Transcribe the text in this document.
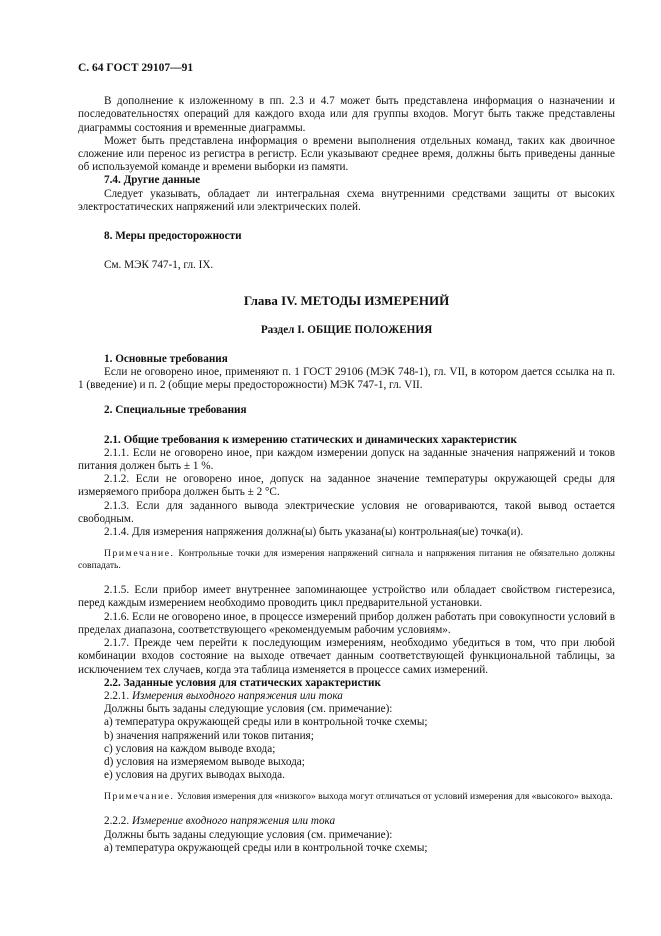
С. 64 ГОСТ 29107—91

В дополнение к изложенному в пп. 2.3 и 4.7 может быть представлена информация о назначении и последовательностях операций для каждого входа или для группы входов. Могут быть также представлены диаграммы состояния и временные диаграммы.

Может быть представлена информация о времени выполнения отдельных команд, таких как двоичное сложение или перенос из регистра в регистр. Если указывают среднее время, должны быть приведены данные об используемой команде и времени выборки из памяти.

7.4. Другие данные

Следует указывать, обладает ли интегральная схема внутренними средствами защиты от высоких электростатических напряжений или электрических полей.

8. Меры предосторожности

См. МЭК 747-1, гл. IX.

Глава IV. МЕТОДЫ ИЗМЕРЕНИЙ

Раздел I. ОБЩИЕ ПОЛОЖЕНИЯ

1. Основные требования

Если не оговорено иное, применяют п. 1 ГОСТ 29106 (МЭК 748-1), гл. VII, в котором дается ссылка на п. 1 (введение) и п. 2 (общие меры предосторожности) МЭК 747-1, гл. VII.

2. Специальные требования

2.1. Общие требования к измерению статических и динамических характеристик

2.1.1. Если не оговорено иное, при каждом измерении допуск на заданные значения напряжений и токов питания должен быть ± 1 %.

2.1.2. Если не оговорено иное, допуск на заданное значение температуры окружающей среды для измеряемого прибора должен быть ± 2 °С.

2.1.3. Если для заданного вывода электрические условия не оговариваются, такой вывод остается свободным.

2.1.4. Для измерения напряжения должна(ы) быть указана(ы) контрольная(ые) точка(и).

Примечание. Контрольные точки для измерения напряжений сигнала и напряжения питания не обязательно должны совпадать.

2.1.5. Если прибор имеет внутреннее запоминающее устройство или обладает свойством гистерезиса, перед каждым измерением необходимо проводить цикл предварительной установки.

2.1.6. Если не оговорено иное, в процессе измерений прибор должен работать при совокупности условий в пределах диапазона, соответствующего «рекомендуемым рабочим условиям».

2.1.7. Прежде чем перейти к последующим измерениям, необходимо убедиться в том, что при любой комбинации входов состояние на выходе отвечает данным соответствующей функциональной таблицы, за исключением тех случаев, когда эта таблица изменяется в процессе самих измерений.

2.2. Заданные условия для статических характеристик

2.2.1. Измерения выходного напряжения или тока

Должны быть заданы следующие условия (см. примечание):

а) температура окружающей среды или в контрольной точке схемы;

b) значения напряжений или токов питания;

с) условия на каждом выводе входа;

d) условия на измеряемом выводе выхода;

е) условия на других выводах выхода.

Примечание. Условия измерения для «низкого» выхода могут отличаться от условий измерения для «высокого» выхода.

2.2.2. Измерение входного напряжения или тока

Должны быть заданы следующие условия (см. примечание):

а) температура окружающей среды или в контрольной точке схемы;
